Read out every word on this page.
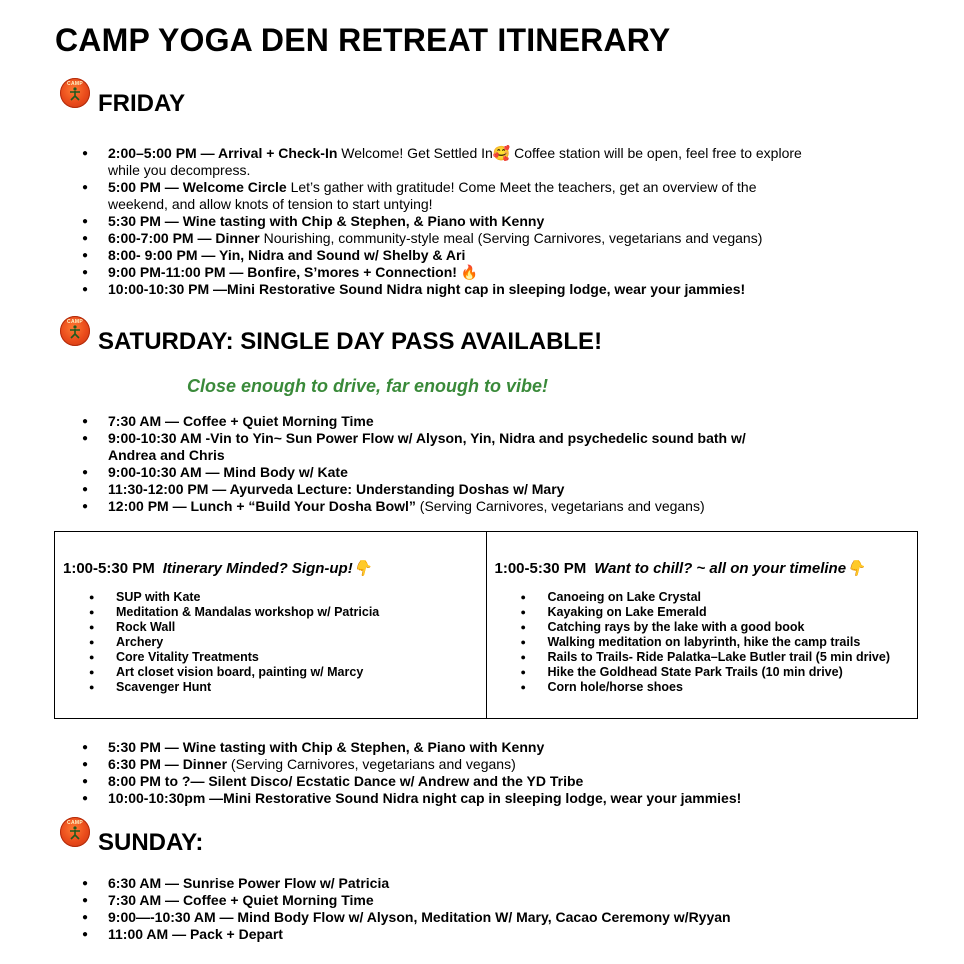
CAMP YOGA DEN RETREAT ITINERARY
CAMP
FRIDAY
● 2:00–5:00 PM — Arrival + Check-In Welcome! Get Settled In🥰 Coffee station will be open, feel free to explore while you decompress.
● 5:00 PM — Welcome Circle Let’s gather with gratitude! Come Meet the teachers, get an overview of the weekend, and allow knots of tension to start untying!
● 5:30 PM — Wine tasting with Chip & Stephen, & Piano with Kenny
● 6:00-7:00 PM — Dinner Nourishing, community-style meal (Serving Carnivores, vegetarians and vegans)
● 8:00- 9:00 PM — Yin, Nidra and Sound w/ Shelby & Ari
● 9:00 PM-11:00 PM — Bonfire, S’mores + Connection! 🔥
● 10:00-10:30 PM —Mini Restorative Sound Nidra night cap in sleeping lodge, wear your jammies!
CAMP
SATURDAY: SINGLE DAY PASS AVAILABLE!
Close enough to drive, far enough to vibe!
● 7:30 AM — Coffee + Quiet Morning Time
● 9:00-10:30 AM -Vin to Yin~ Sun Power Flow w/ Alyson, Yin, Nidra and psychedelic sound bath w/ Andrea and Chris
● 9:00-10:30 AM — Mind Body w/ Kate
● 11:30-12:00 PM — Ayurveda Lecture: Understanding Doshas w/ Mary
● 12:00 PM — Lunch + “Build Your Dosha Bowl” (Serving Carnivores, vegetarians and vegans)
1:00-5:30 PM Itinerary Minded? Sign-up!👇
● SUP with Kate
● Meditation & Mandalas workshop w/ Patricia
● Rock Wall
● Archery
● Core Vitality Treatments
● Art closet vision board, painting w/ Marcy
● Scavenger Hunt
1:00-5:30 PM Want to chill? ~ all on your timeline👇
● Canoeing on Lake Crystal
● Kayaking on Lake Emerald
● Catching rays by the lake with a good book
● Walking meditation on labyrinth, hike the camp trails
● Rails to Trails- Ride Palatka–Lake Butler trail (5 min drive)
● Hike the Goldhead State Park Trails (10 min drive)
● Corn hole/horse shoes
● 5:30 PM — Wine tasting with Chip & Stephen, & Piano with Kenny
● 6:30 PM — Dinner (Serving Carnivores, vegetarians and vegans)
● 8:00 PM to ?— Silent Disco/ Ecstatic Dance w/ Andrew and the YD Tribe
● 10:00-10:30pm —Mini Restorative Sound Nidra night cap in sleeping lodge, wear your jammies!
CAMP
SUNDAY:
● 6:30 AM — Sunrise Power Flow w/ Patricia
● 7:30 AM — Coffee + Quiet Morning Time
● 9:00—-10:30 AM — Mind Body Flow w/ Alyson, Meditation W/ Mary, Cacao Ceremony w/Ryyan
● 11:00 AM — Pack + Depart
